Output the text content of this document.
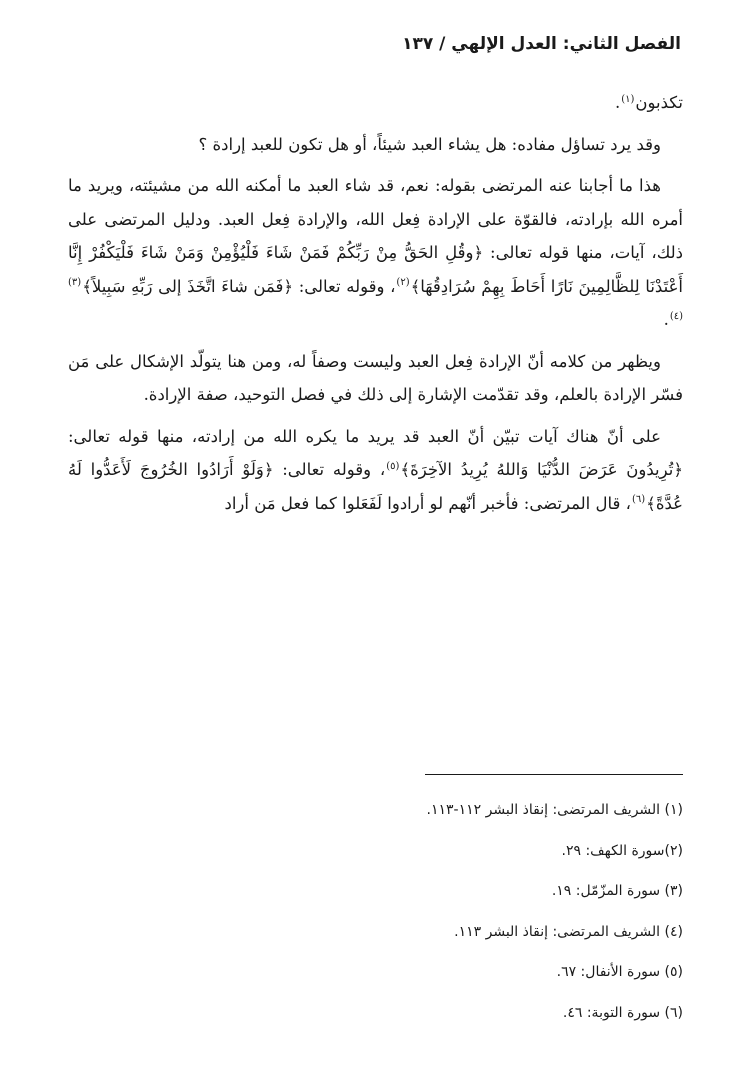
الفصل الثاني: العدل الإلهي / ١٣٧

تكذبون$^{(١)}$.

وقد يرد تساؤل مفاده: هل يشاء العبد شيئاً، أو هل تكون للعبد إرادة ؟

هذا ما أجابنا عنه المرتضى بقوله: نعم، قد شاء العبد ما أمكنه الله من مشيئته، ويريد ما أمره الله بإرادته، فالقوّة على الإرادة فِعل الله، والإرادة فِعل العبد. ودليل المرتضى على ذلك، آيات، منها قوله تعالى: ﴿وقُلِ الحَقُّ مِنْ رَبِّكُمْ فَمَنْ شَاءَ فَلْيُؤْمِنْ وَمَنْ شَاءَ فَلْيَكْفُرْ إِنَّا أَعْتَدْنَا لِلظَّالِمِينَ نَارًا أَحَاطَ بِهِمْ سُرَادِقُهَا﴾$^{(٢)}$، وقوله تعالى: ﴿فَمَن شاءَ اتَّخَذَ إلى رَبِّهِ سَبِيلاً﴾$^{(٣)(٤)}$.

ويظهر من كلامه أنّ الإرادة فِعل العبد وليست وصفاً له، ومن هنا يتولّد الإشكال على مَن فسّر الإرادة بالعلم، وقد تقدّمت الإشارة إلى ذلك في فصل التوحيد، صفة الإرادة.

على أنّ هناك آيات تبيّن أنّ العبد قد يريد ما يكره الله من إرادته، منها قوله تعالى: ﴿تُرِيدُونَ عَرَضَ الدُّنْيَا وَاللهُ يُرِيدُ الآخِرَةَ﴾$^{(٥)}$، وقوله تعالى: ﴿وَلَوْ أَرَادُوا الخُرُوجَ لَأَعَدُّوا لَهُ عُدَّةً﴾$^{(٦)}$، قال المرتضى: فأخبر أنّهم لو أرادوا لَفَعَلوا كما فعل مَن أراد

(١) الشريف المرتضى: إنقاذ البشر ١١٢-١١٣.
(٢)سورة الكهف: ٢٩.
(٣) سورة المزّمّل: ١٩.
(٤) الشريف المرتضى: إنقاذ البشر ١١٣.
(٥) سورة الأنفال: ٦٧.
(٦) سورة التوبة: ٤٦.
